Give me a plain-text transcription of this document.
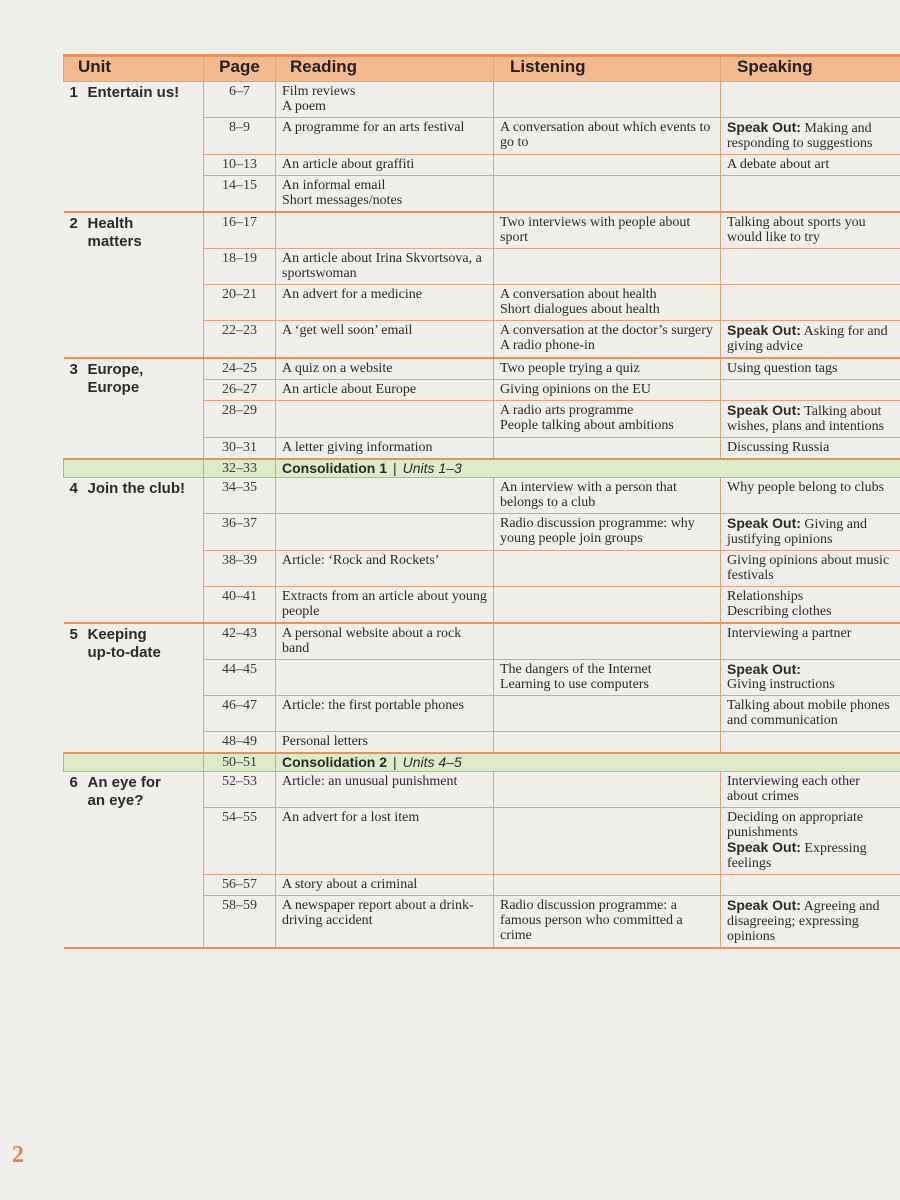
Unit	Page	Reading	Listening	Speaking
1 Entertain us!	6–7	Film reviews
A poem		

	8–9	A programme for an arts festival	A conversation about which events to go to	Speak Out: Making and responding to suggestions
	10–13	An article about graffiti		A debate about art

	14–15	An informal email
Short messages/notes		

2 Health
matters	16–17		Two interviews with people about sport	Talking about sports you would like to try

	18–19	An article about Irina Skvortsova, a sportswoman		

	20–21	An advert for a medicine	A conversation about health
Short dialogues about health	

	22–23	A ‘get well soon’ email	A conversation at the doctor’s surgery
A radio phone-in	Speak Out: Asking for and giving advice
3 Europe,
Europe	24–25	A quiz on a website	Two people trying a quiz	Using question tags

	26–27	An article about Europe	Giving opinions on the EU	

	28–29		A radio arts programme
People talking about ambitions	Speak Out: Talking about wishes, plans and intentions
	30–31	A letter giving information		Discussing Russia

	32–33	Consolidation 1 | Units 1–3		
4 Join the club!	34–35		An interview with a person that belongs to a club	Why people belong to clubs

	36–37		Radio discussion programme: why young people join groups	Speak Out: Giving and justifying opinions
	38–39	Article: ‘Rock and Rockets’		Giving opinions about music festivals

	40–41	Extracts from an article about young people		Relationships
Describing clothes

5 Keeping
up-to-date	42–43	A personal website about a rock band		Interviewing a partner

	44–45		The dangers of the Internet
Learning to use computers	Speak Out:
Giving instructions

	46–47	Article: the first portable phones		Talking about mobile phones and communication

	48–49	Personal letters		

	50–51	Consolidation 2 | Units 4–5		
6 An eye for
an eye?	52–53	Article: an unusual punishment		Interviewing each other about crimes

	54–55	An advert for a lost item		Deciding on appropriate punishments
Speak Out: Expressing feelings

	56–57	A story about a criminal		

	58–59	A newspaper report about a drink-driving accident	Radio discussion programme: a famous person who committed a crime	Speak Out: Agreeing and disagreeing; expressing opinions
2
